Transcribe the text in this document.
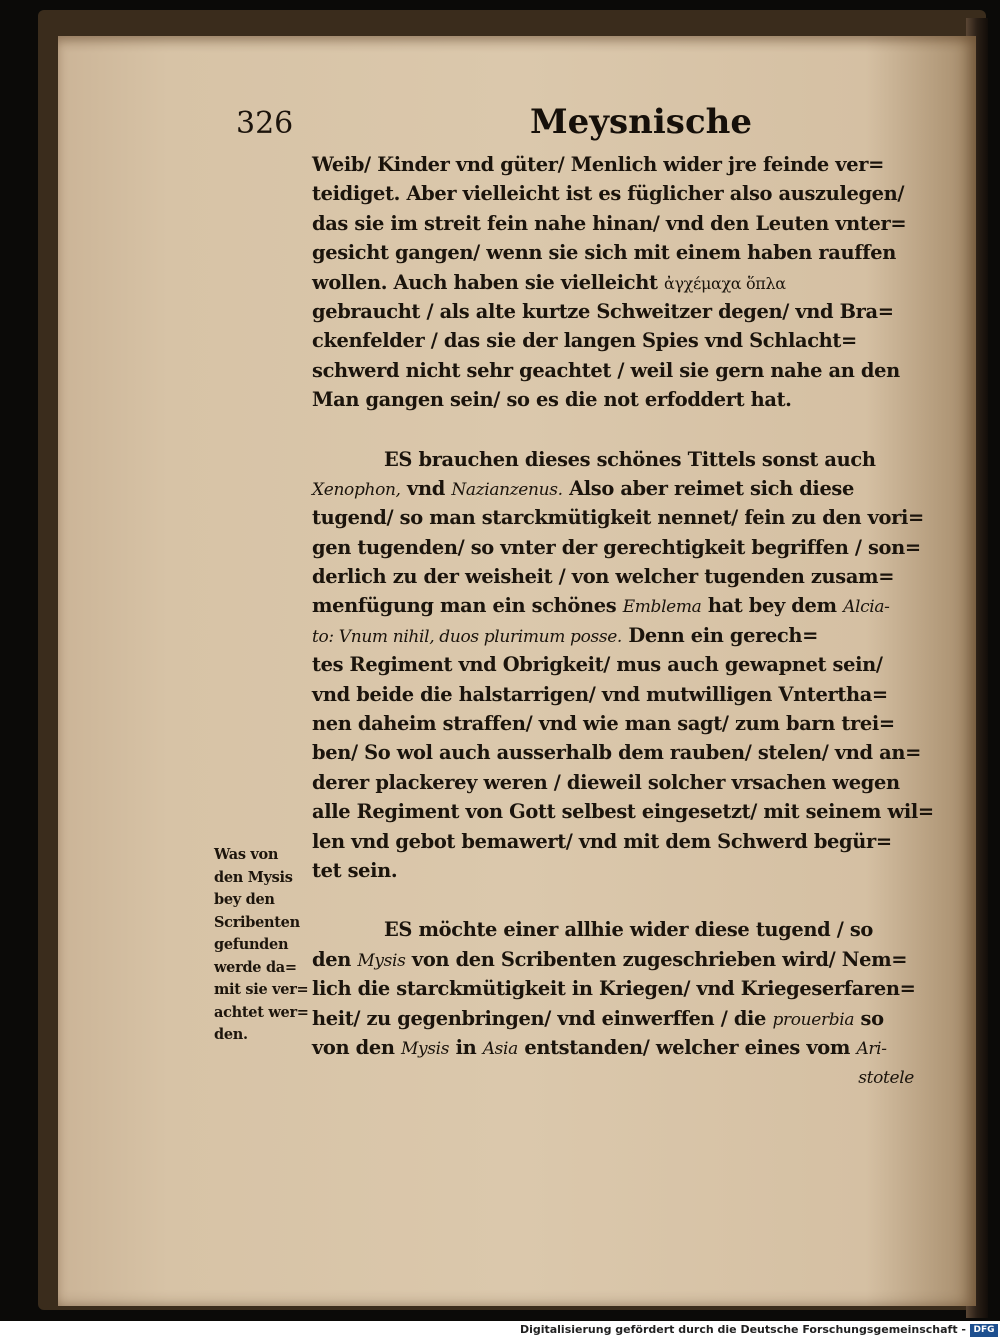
326	Meysnische
Weib/ Kinder vnd güter/ Menlich wider jre feinde ver=
teidiget. Aber vielleicht ist es füglicher also auszulegen/
das sie im streit fein nahe hinan/ vnd den Leuten vnter=
gesicht gangen/ wenn sie sich mit einem haben rauffen
wollen. Auch haben sie vielleicht ἀγχέμαχα ὅπλα
gebraucht / als alte kurtze Schweitzer degen/ vnd Bra=
ckenfelder / das sie der langen Spies vnd Schlacht=
schwerd nicht sehr geachtet / weil sie gern nahe an den
Man gangen sein/ so es die not erfoddert hat.
ES brauchen dieses schönes Tittels sonst auch
Xenophon, vnd Nazianzenus. Also aber reimet sich diese
tugend/ so man starckmütigkeit nennet/ fein zu den vori=
gen tugenden/ so vnter der gerechtigkeit begriffen / son=
derlich zu der weisheit / von welcher tugenden zusam=
menfügung man ein schönes Emblema hat bey dem Alcia-
to: Vnum nihil, duos plurimum posse. Denn ein gerech=
tes Regiment vnd Obrigkeit/ mus auch gewapnet sein/
vnd beide die halstarrigen/ vnd mutwilligen Vntertha=
nen daheim straffen/ vnd wie man sagt/ zum barn trei=
ben/ So wol auch ausserhalb dem rauben/ stelen/ vnd an=
derer plackerey weren / dieweil solcher vrsachen wegen
alle Regiment von Gott selbest eingesetzt/ mit seinem wil=
len vnd gebot bemawert/ vnd mit dem Schwerd begür=
tet sein.
ES möchte einer allhie wider diese tugend / so
den Mysis von den Scribenten zugeschrieben wird/ Nem=
lich die starckmütigkeit in Kriegen/ vnd Kriegeserfaren=
heit/ zu gegenbringen/ vnd einwerffen / die prouerbia so
von den Mysis in Asia entstanden/ welcher eines vom Ari-
stotele
Was von
den Mysis
bey den
Scribenten
gefunden
werde da=
mit sie ver=
achtet wer=
den.
Digitalisierung gefördert durch die Deutsche Forschungsgemeinschaft - DFG
